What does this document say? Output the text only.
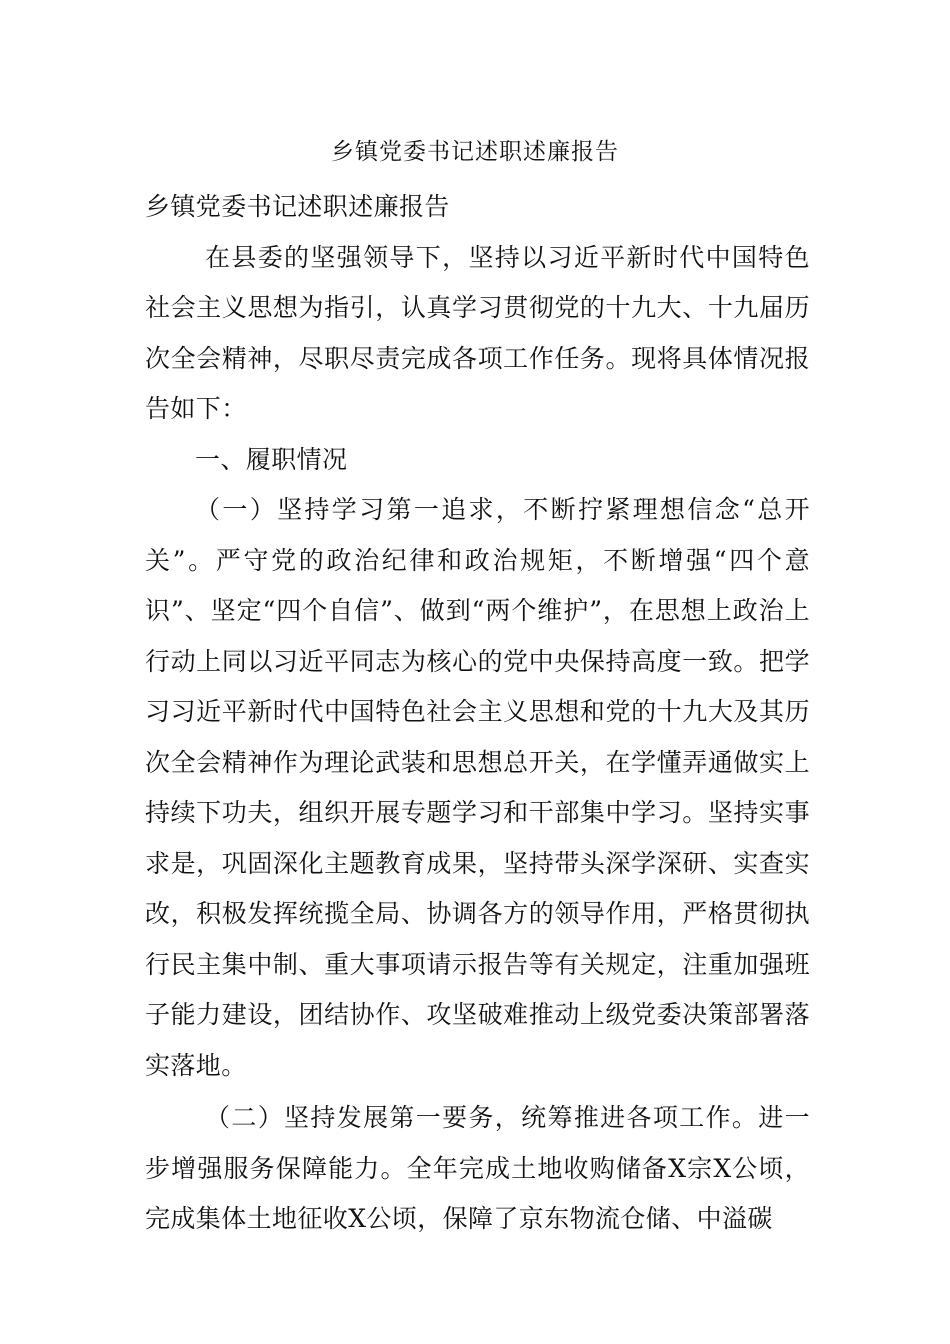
乡镇党委书记述职述廉报告

乡镇党委书记述职述廉报告

在县委的坚强领导下，坚持以习近平新时代中国特色社会主义思想为指引，认真学习贯彻党的十九大、十九届历次全会精神，尽职尽责完成各项工作任务。现将具体情况报告如下：

一、履职情况

（一）坚持学习第一追求，不断拧紧理想信念“总开关”。严守党的政治纪律和政治规矩，不断增强“四个意识”、坚定“四个自信”、做到“两个维护”，在思想上政治上行动上同以习近平同志为核心的党中央保持高度一致。把学习习近平新时代中国特色社会主义思想和党的十九大及其历次全会精神作为理论武装和思想总开关，在学懂弄通做实上持续下功夫，组织开展专题学习和干部集中学习。坚持实事求是，巩固深化主题教育成果，坚持带头深学深研、实查实改，积极发挥统揽全局、协调各方的领导作用，严格贯彻执行民主集中制、重大事项请示报告等有关规定，注重加强班子能力建设，团结协作、攻坚破难推动上级党委决策部署落实落地。

（二）坚持发展第一要务，统筹推进各项工作。进一步增强服务保障能力。全年完成土地收购储备X宗X公顷，完成集体土地征收X公顷，保障了京东物流仓储、中溢碳
